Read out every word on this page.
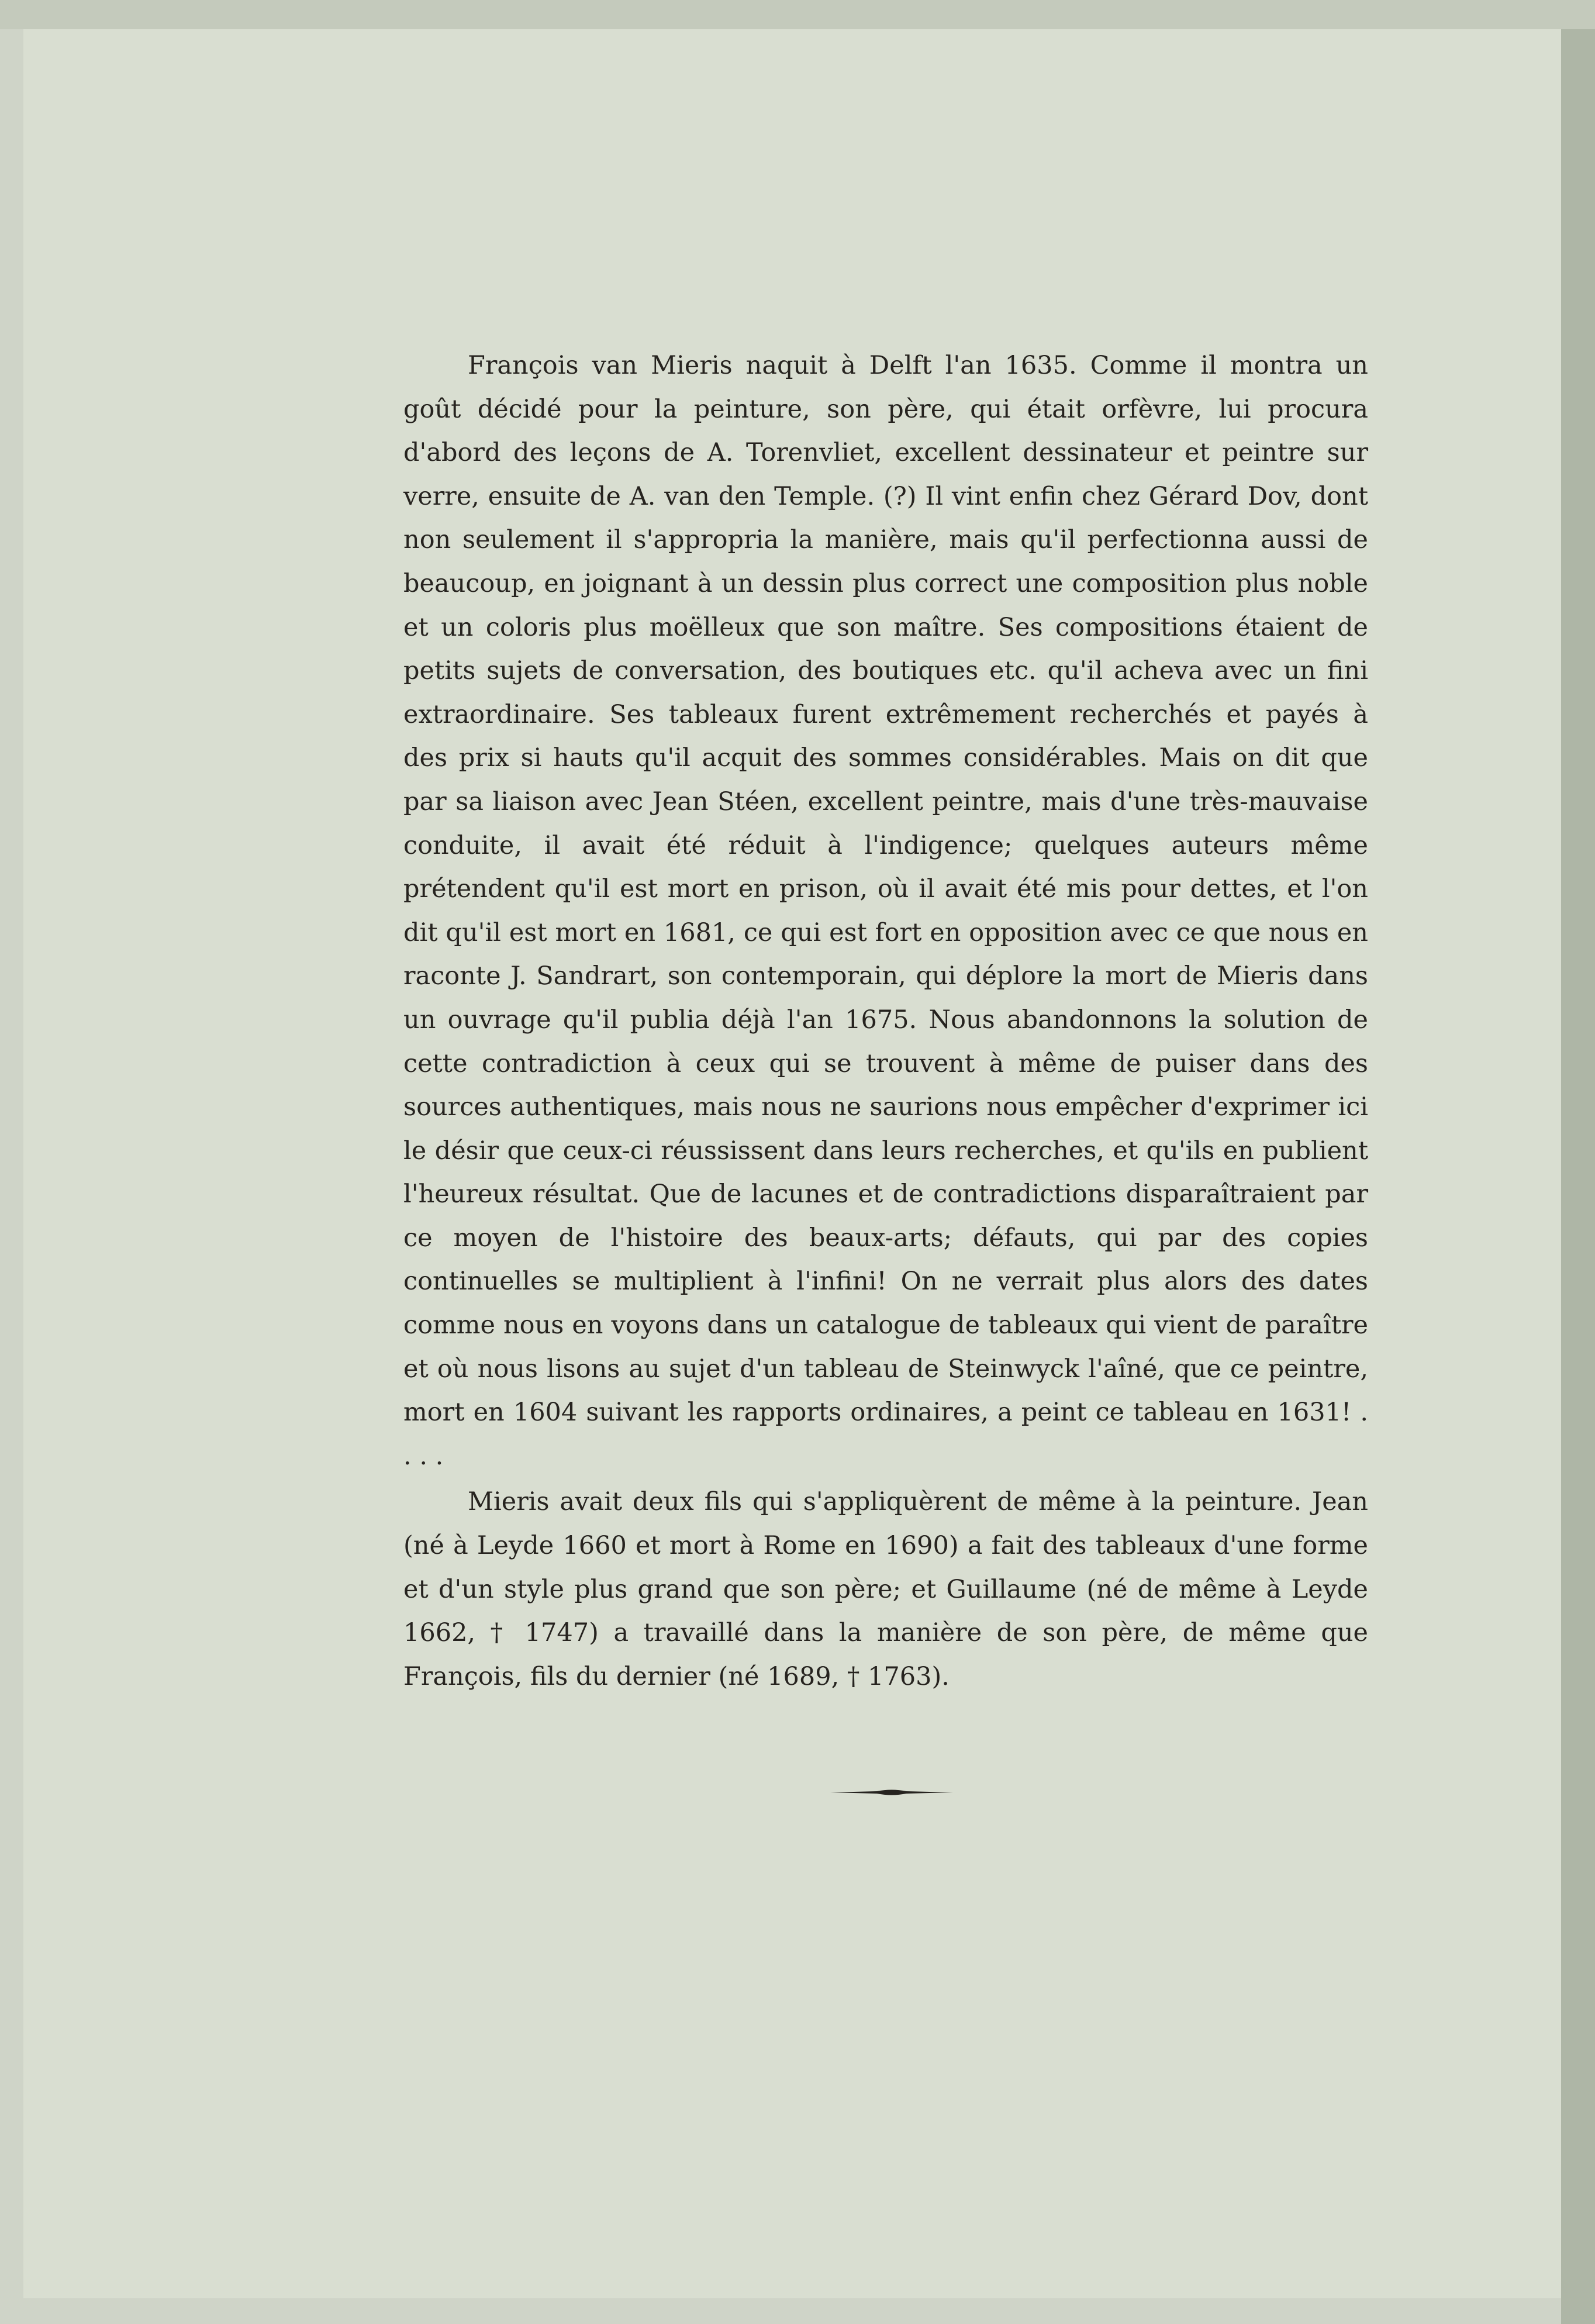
François van Mieris naquit à Delft l'an 1635. Comme il montra un goût décidé pour la peinture, son père, qui était orfèvre, lui procura d'abord des leçons de A. Torenvliet, excellent dessinateur et peintre sur verre, ensuite de A. van den Temple. (?) Il vint enfin chez Gérard Dov, dont non seulement il s'appropria la manière, mais qu'il perfectionna aussi de beaucoup, en joignant à un dessin plus correct une composition plus noble et un coloris plus moëlleux que son maître. Ses compositions étaient de petits sujets de conversation, des boutiques etc. qu'il acheva avec un fini extraordinaire. Ses tableaux furent extrêmement recherchés et payés à des prix si hauts qu'il acquit des sommes considérables. Mais on dit que par sa liaison avec Jean Stéen, excellent peintre, mais d'une très-mauvaise conduite, il avait été réduit à l'indigence; quelques auteurs même prétendent qu'il est mort en prison, où il avait été mis pour dettes, et l'on dit qu'il est mort en 1681, ce qui est fort en opposition avec ce que nous en raconte J. Sandrart, son contemporain, qui déplore la mort de Mieris dans un ouvrage qu'il publia déjà l'an 1675. Nous abandonnons la solution de cette contradiction à ceux qui se trouvent à même de puiser dans des sources authentiques, mais nous ne saurions nous empêcher d'exprimer ici le désir que ceux-ci réussissent dans leurs recherches, et qu'ils en publient l'heureux résultat. Que de lacunes et de contradictions disparaîtraient par ce moyen de l'histoire des beaux-arts; défauts, qui par des copies continuelles se multiplient à l'infini! On ne verrait plus alors des dates comme nous en voyons dans un catalogue de tableaux qui vient de paraître et où nous lisons au sujet d'un tableau de Steinwyck l'aîné, que ce peintre, mort en 1604 suivant les rapports ordinaires, a peint ce tableau en 1631! . . . .

Mieris avait deux fils qui s'appliquèrent de même à la peinture. Jean (né à Leyde 1660 et mort à Rome en 1690) a fait des tableaux d'une forme et d'un style plus grand que son père; et Guillaume (né de même à Leyde 1662, † 1747) a travaillé dans la manière de son père, de même que François, fils du dernier (né 1689, † 1763).
